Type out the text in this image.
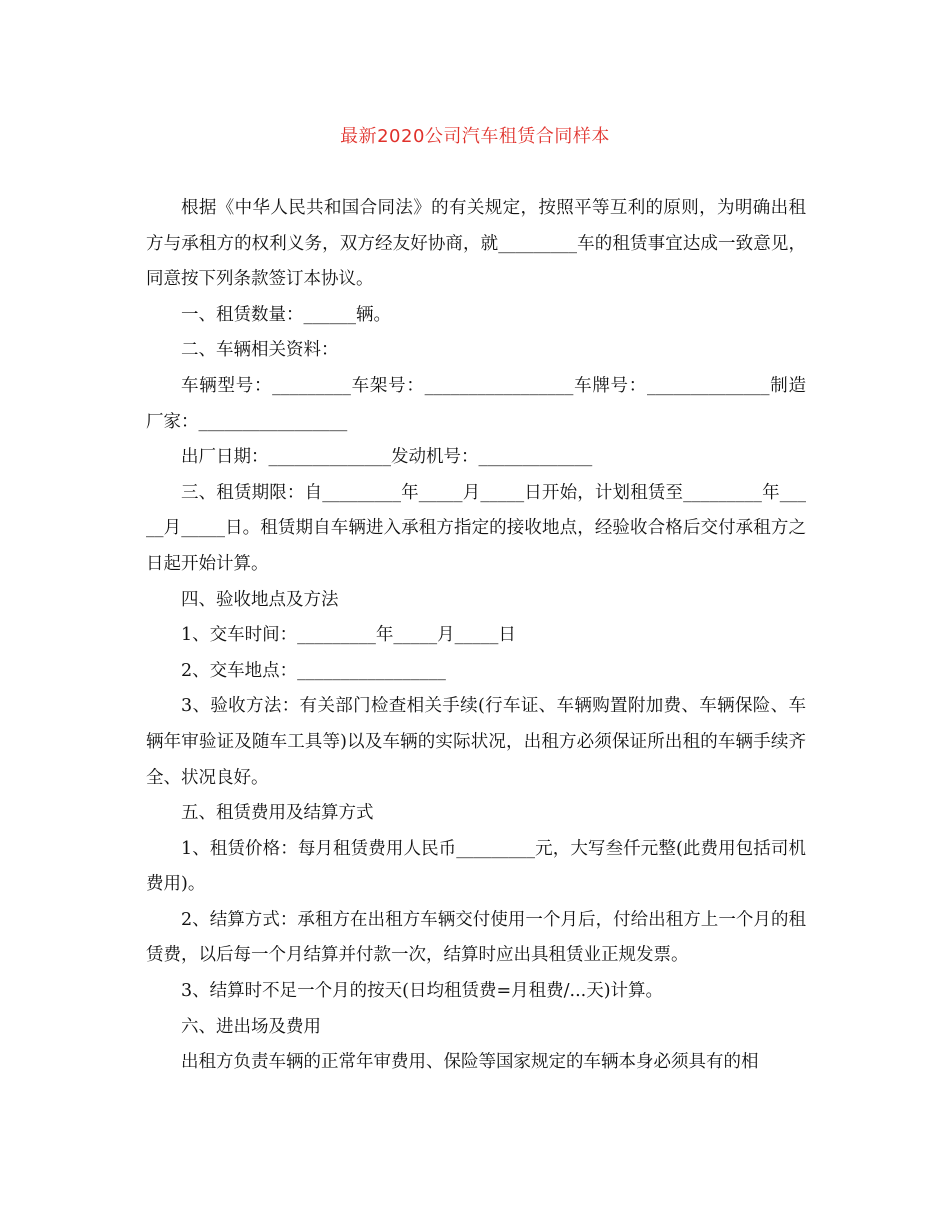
最新2020公司汽车租赁合同样本

根据《中华人民共和国合同法》的有关规定，按照平等互利的原则，为明确出租方与承租方的权利义务，双方经友好协商，就_________车的租赁事宜达成一致意见，同意按下列条款签订本协议。

一、租赁数量：______辆。

二、车辆相关资料：

车辆型号：_________车架号：_________________车牌号：______________制造厂家：_________________

出厂日期：______________发动机号：_____________

三、租赁期限：自_________年_____月_____日开始，计划租赁至_________年_____月_____日。租赁期自车辆进入承租方指定的接收地点，经验收合格后交付承租方之日起开始计算。

四、验收地点及方法

1、交车时间：_________年_____月_____日

2、交车地点：_________________

3、验收方法：有关部门检查相关手续(行车证、车辆购置附加费、车辆保险、车辆年审验证及随车工具等)以及车辆的实际状况，出租方必须保证所出租的车辆手续齐全、状况良好。

五、租赁费用及结算方式

1、租赁价格：每月租赁费用人民币_________元，大写叁仟元整(此费用包括司机费用)。

2、结算方式：承租方在出租方车辆交付使用一个月后，付给出租方上一个月的租赁费，以后每一个月结算并付款一次，结算时应出具租赁业正规发票。

3、结算时不足一个月的按天(日均租赁费=月租费/...天)计算。

六、进出场及费用

出租方负责车辆的正常年审费用、保险等国家规定的车辆本身必须具有的相
